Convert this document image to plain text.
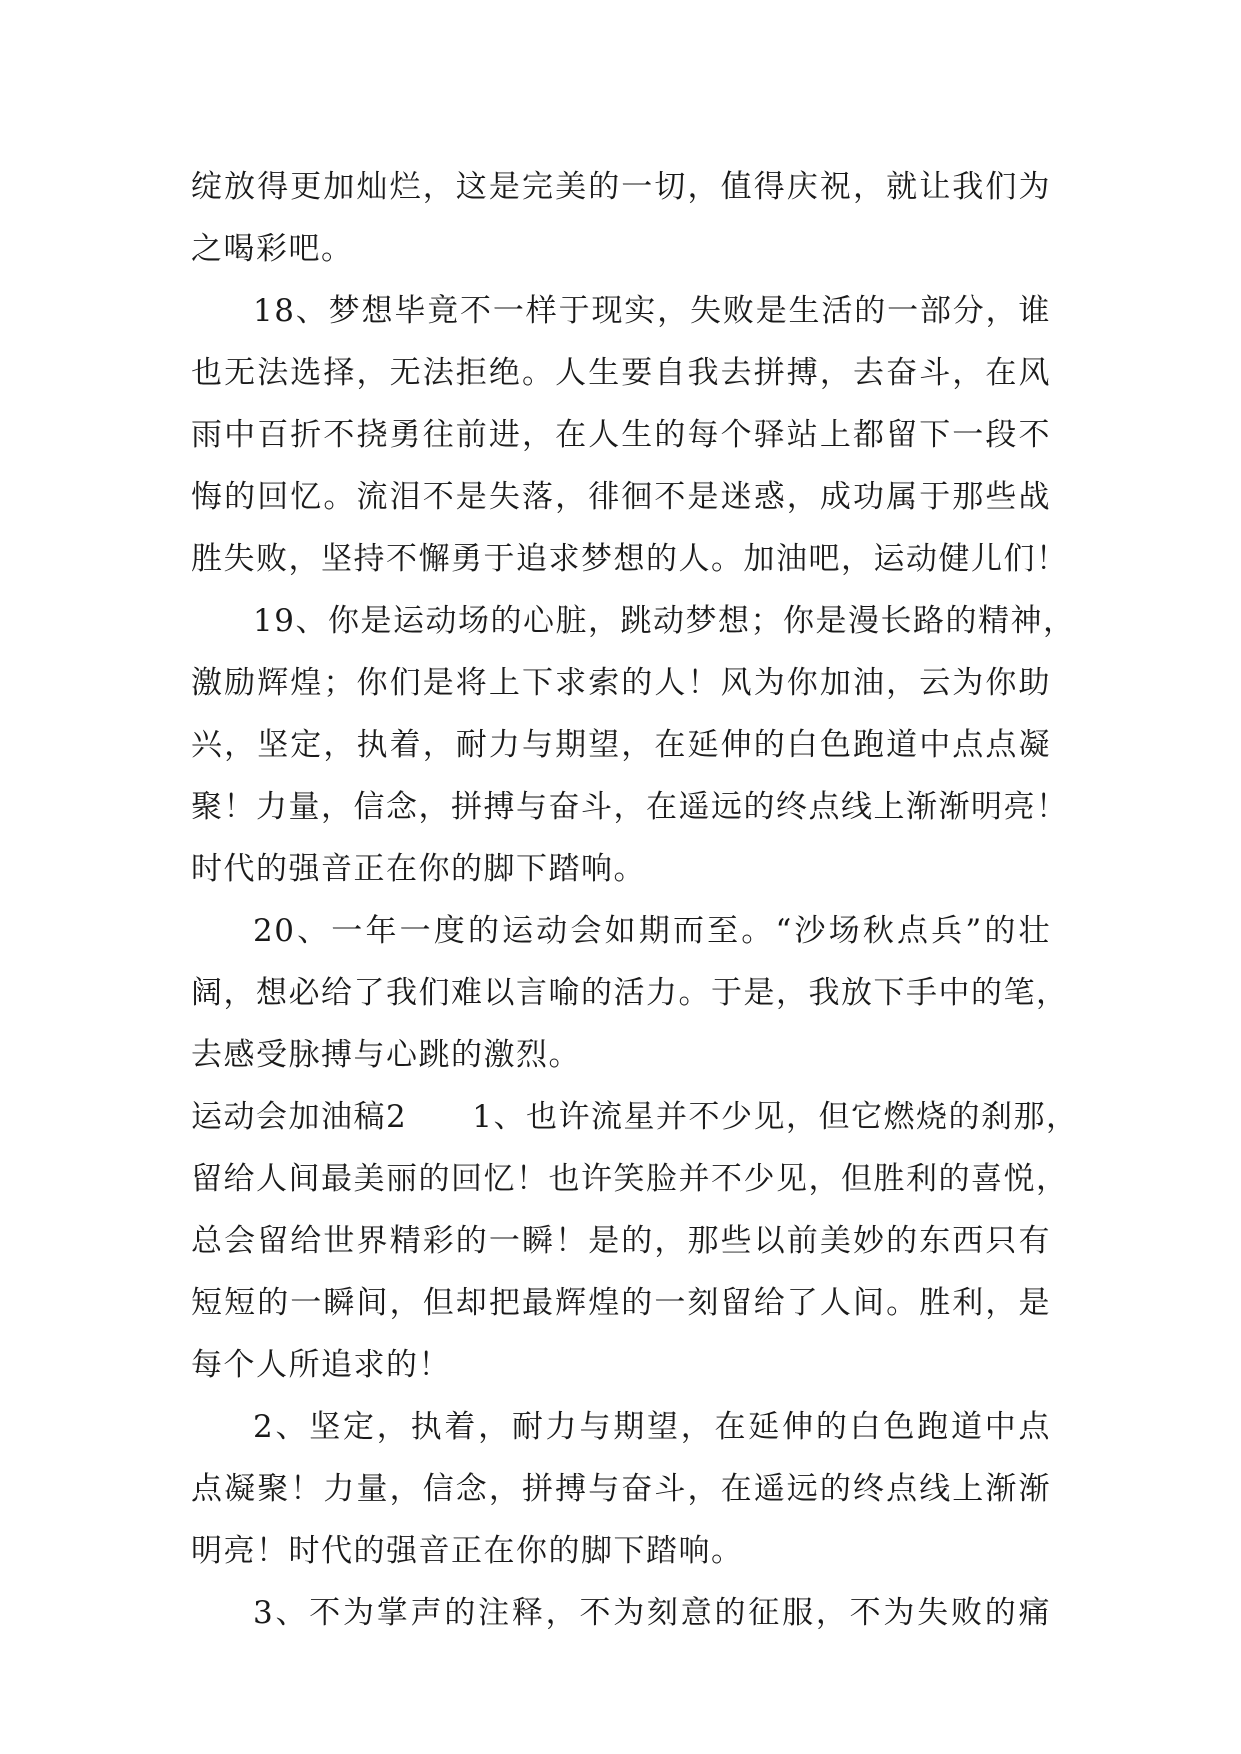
绽放得更加灿烂，这是完美的一切，值得庆祝，就让我们为
之喝彩吧。
18、梦想毕竟不一样于现实，失败是生活的一部分，谁
也无法选择，无法拒绝。人生要自我去拼搏，去奋斗，在风
雨中百折不挠勇往前进，在人生的每个驿站上都留下一段不
悔的回忆。流泪不是失落，徘徊不是迷惑，成功属于那些战
胜失败，坚持不懈勇于追求梦想的人。加油吧，运动健儿们！
19、你是运动场的心脏，跳动梦想；你是漫长路的精神，
激励辉煌；你们是将上下求索的人！风为你加油，云为你助
兴，坚定，执着，耐力与期望，在延伸的白色跑道中点点凝
聚！力量，信念，拼搏与奋斗，在遥远的终点线上渐渐明亮！
时代的强音正在你的脚下踏响。
20、一年一度的运动会如期而至。“沙场秋点兵”的壮
阔，想必给了我们难以言喻的活力。于是，我放下手中的笔，
去感受脉搏与心跳的激烈。
运动会加油稿2　　1、也许流星并不少见，但它燃烧的刹那，
留给人间最美丽的回忆！也许笑脸并不少见，但胜利的喜悦，
总会留给世界精彩的一瞬！是的，那些以前美妙的东西只有
短短的一瞬间，但却把最辉煌的一刻留给了人间。胜利，是
每个人所追求的！
2、坚定，执着，耐力与期望，在延伸的白色跑道中点
点凝聚！力量，信念，拼搏与奋斗，在遥远的终点线上渐渐
明亮！时代的强音正在你的脚下踏响。
3、不为掌声的注释，不为刻意的征服，不为失败的痛
